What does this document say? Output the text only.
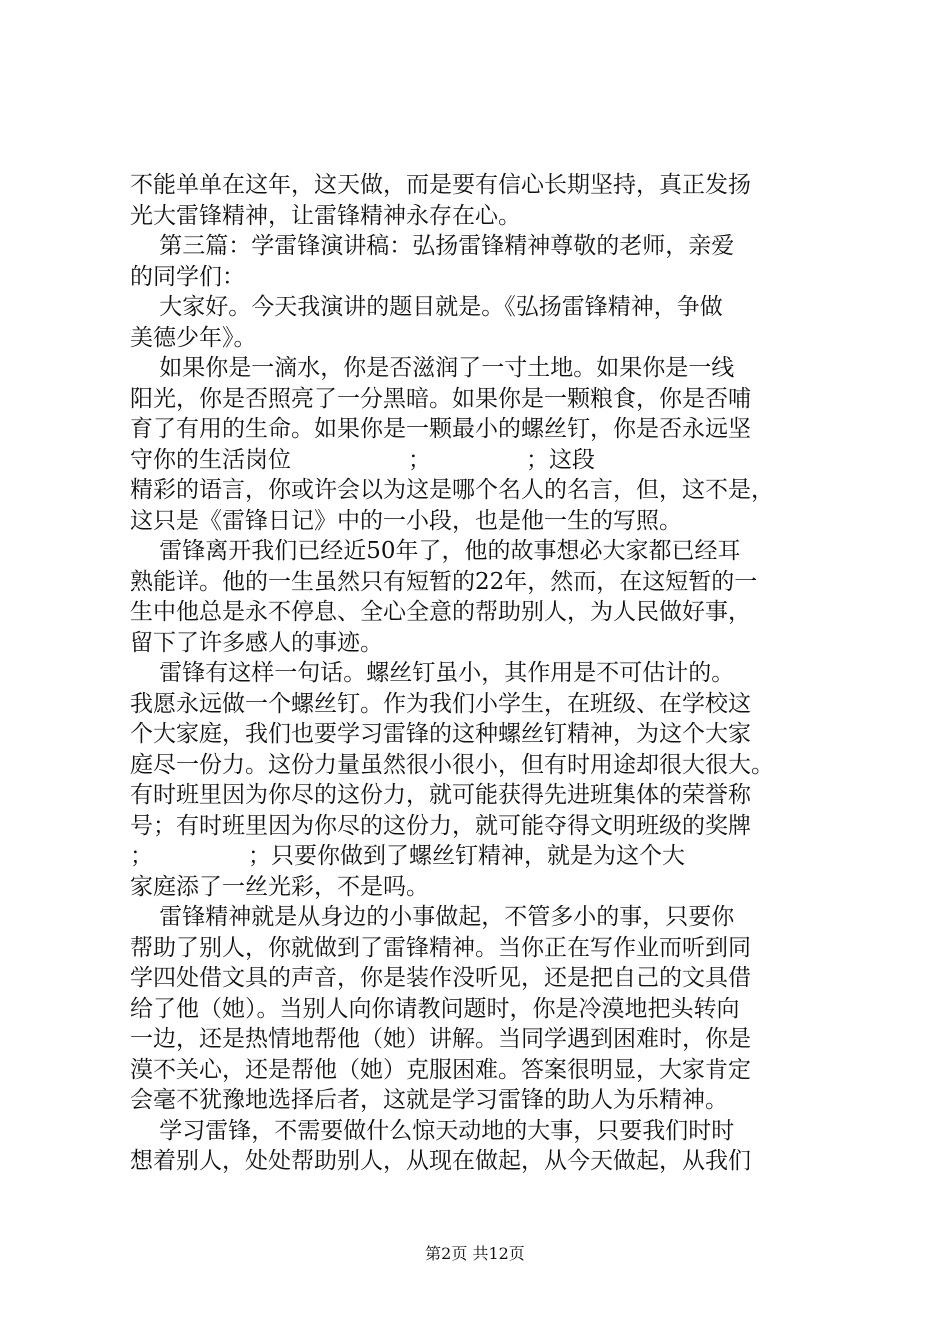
不能单单在这年，这天做，而是要有信心长期坚持，真正发扬
光大雷锋精神，让雷锋精神永存在心。
第三篇：学雷锋演讲稿：弘扬雷锋精神尊敬的老师，亲爱
的同学们：
大家好。今天我演讲的题目就是。《弘扬雷锋精神，争做
美德少年》。
如果你是一滴水，你是否滋润了一寸土地。如果你是一线
阳光，你是否照亮了一分黑暗。如果你是一颗粮食，你是否哺
育了有用的生命。如果你是一颗最小的螺丝钉，你是否永远坚
守你的生活岗位                ；             ；这段
精彩的语言，你或许会以为这是哪个名人的名言，但，这不是，
这只是《雷锋日记》中的一小段，也是他一生的写照。
雷锋离开我们已经近50年了，他的故事想必大家都已经耳
熟能详。他的一生虽然只有短暂的22年，然而，在这短暂的一
生中他总是永不停息、全心全意的帮助别人，为人民做好事，
留下了许多感人的事迹。
雷锋有这样一句话。螺丝钉虽小，其作用是不可估计的。
我愿永远做一个螺丝钉。作为我们小学生，在班级、在学校这
个大家庭，我们也要学习雷锋的这种螺丝钉精神，为这个大家
庭尽一份力。这份力量虽然很小很小，但有时用途却很大很大。
有时班里因为你尽的这份力，就可能获得先进班集体的荣誉称
号；有时班里因为你尽的这份力，就可能夺得文明班级的奖牌
；             ；只要你做到了螺丝钉精神，就是为这个大
家庭添了一丝光彩，不是吗。
雷锋精神就是从身边的小事做起，不管多小的事，只要你
帮助了别人，你就做到了雷锋精神。当你正在写作业而听到同
学四处借文具的声音，你是装作没听见，还是把自己的文具借
给了他（她）。当别人向你请教问题时，你是冷漠地把头转向
一边，还是热情地帮他（她）讲解。当同学遇到困难时，你是
漠不关心，还是帮他（她）克服困难。答案很明显，大家肯定
会毫不犹豫地选择后者，这就是学习雷锋的助人为乐精神。
学习雷锋，不需要做什么惊天动地的大事，只要我们时时
想着别人，处处帮助别人，从现在做起，从今天做起，从我们
第2页 共12页
